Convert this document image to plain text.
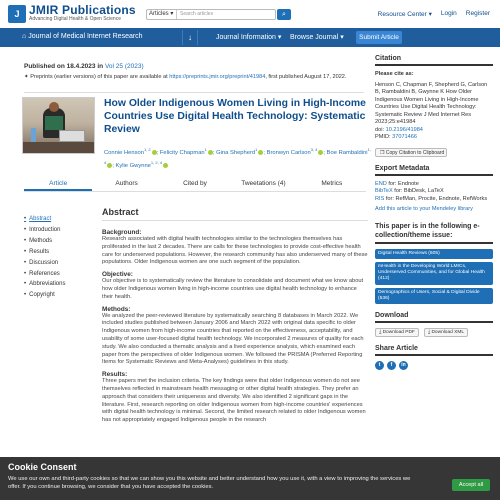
J JMIR Publications
Advancing Digital Health & Open Science
Articles ▾	Search articles	⌕	Resource Center ▾ Login Register
⌂ Journal of Medical Internet Research	↓	Journal Information ▾ Browse Journal ▾	Submit Article
Published on 18.4.2023 in Vol 25 (2023)
✦ Preprints (earlier versions) of this paper are available at https://preprints.jmir.org/preprint/41984, first published August 17, 2022.
How Older Indigenous Women Living in High-Income Countries Use Digital Health Technology: Systematic Review
Connie Henson$^{1, 2}$; Felicity Chapman$^1$; Gina Shepherd$^1$; Bronwyn Carlson$^{3, 4}$; Boe Rambaldini$^{1, 4}$; Kylie Gwynne$^{1, 2, 4}$
Article	Authors	Cited by	Tweetations (4)	Metrics
• Abstract
• Introduction
• Methods
• Results
• Discussion
• References
• Abbreviations
• Copyright
Abstract
Background:
Research associated with digital health technologies similar to the technologies themselves has proliferated in the last 2 decades. There are calls for these technologies to provide cost-effective health care for underserved populations. However, the research community has also underserved many of these populations. Older Indigenous women are one such segment of the population.
Objective:
Our objective is to systematically review the literature to consolidate and document what we know about how older Indigenous women living in high-income countries use digital health technology to enhance their health.
Methods:
We analyzed the peer-reviewed literature by systematically searching 8 databases in March 2022. We included studies published between January 2006 and March 2022 with original data specific to older Indigenous women from high-income countries that reported on the effectiveness, acceptability, and usability of some user-focused digital health technology. We incorporated 2 measures of quality for each study. We also conducted a thematic analysis and a lived experience analysis, which examined each paper from the perspectives of older Indigenous women. We followed the PRISMA (Preferred Reporting Items for Systematic Reviews and Meta-Analyses) guidelines in this study.
Results:
Three papers met the inclusion criteria. The key findings were that older Indigenous women do not see themselves reflected in mainstream health messaging or other digital health strategies. They prefer an approach that considers their uniqueness and diversity. We also identified 2 significant gaps in the literature. First, research reporting on older Indigenous women from high-income countries' experiences with digital health technology is minimal. Second, the limited research related to older Indigenous women has not appropriately engaged Indigenous people in the research
Citation
Please cite as:
Henson C, Chapman F, Shepherd G, Carlson B, Rambaldini B, Gwynne K How Older Indigenous Women Living in High-Income Countries Use Digital Health Technology: Systematic Review J Med Internet Res 2023;25:e41984
doi: 10.2196/41984
PMID: 37071466
❐ Copy Citation to Clipboard
Export Metadata
END for: Endnote
BibTeX for: BibDesk, LaTeX
RIS for: RefMan, Procite, Endnote, RefWorks
Add this article to your Mendeley library
This paper is in the following e-collection/theme issue:
Digital Health Reviews (605)
mHealth in the Developing World:LMICs, Underserved Communities, and for Global Health (412)
Demographics of Users, Social & Digital Divide (536)
Download
⤓ Download PDF	⤓ Download XML
Share Article
t	f	in
Cookie Consent
We use our own and third-party cookies so that we can show you this website and better understand how you use it, with a view to improving the services we offer. If you continue browsing, we consider that you have accepted the cookies.	Accept all
